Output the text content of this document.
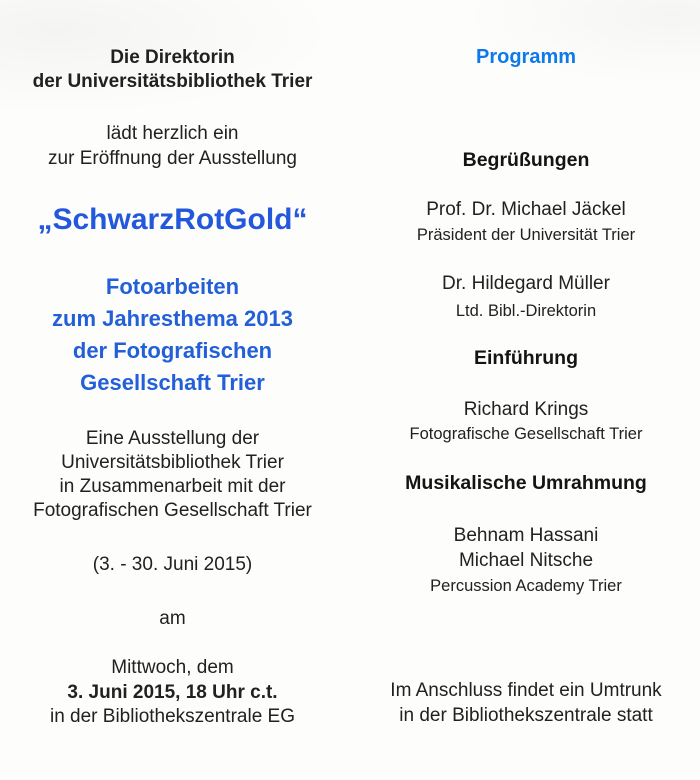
Die Direktorin
der Universitätsbibliothek Trier
lädt herzlich ein
zur Eröffnung der Ausstellung
„SchwarzRotGold“
Fotoarbeiten
zum Jahresthema 2013
der Fotografischen
Gesellschaft Trier
Eine Ausstellung der
Universitätsbibliothek Trier
in Zusammenarbeit mit der
Fotografischen Gesellschaft Trier
(3. - 30. Juni 2015)
am
Mittwoch, dem
3. Juni 2015, 18 Uhr c.t.
in der Bibliothekszentrale EG
Programm
Begrüßungen
Prof. Dr. Michael Jäckel
Präsident der Universität Trier
Dr. Hildegard Müller
Ltd. Bibl.-Direktorin
Einführung
Richard Krings
Fotografische Gesellschaft Trier
Musikalische Umrahmung
Behnam Hassani
Michael Nitsche
Percussion Academy Trier
Im Anschluss findet ein Umtrunk
in der Bibliothekszentrale statt
